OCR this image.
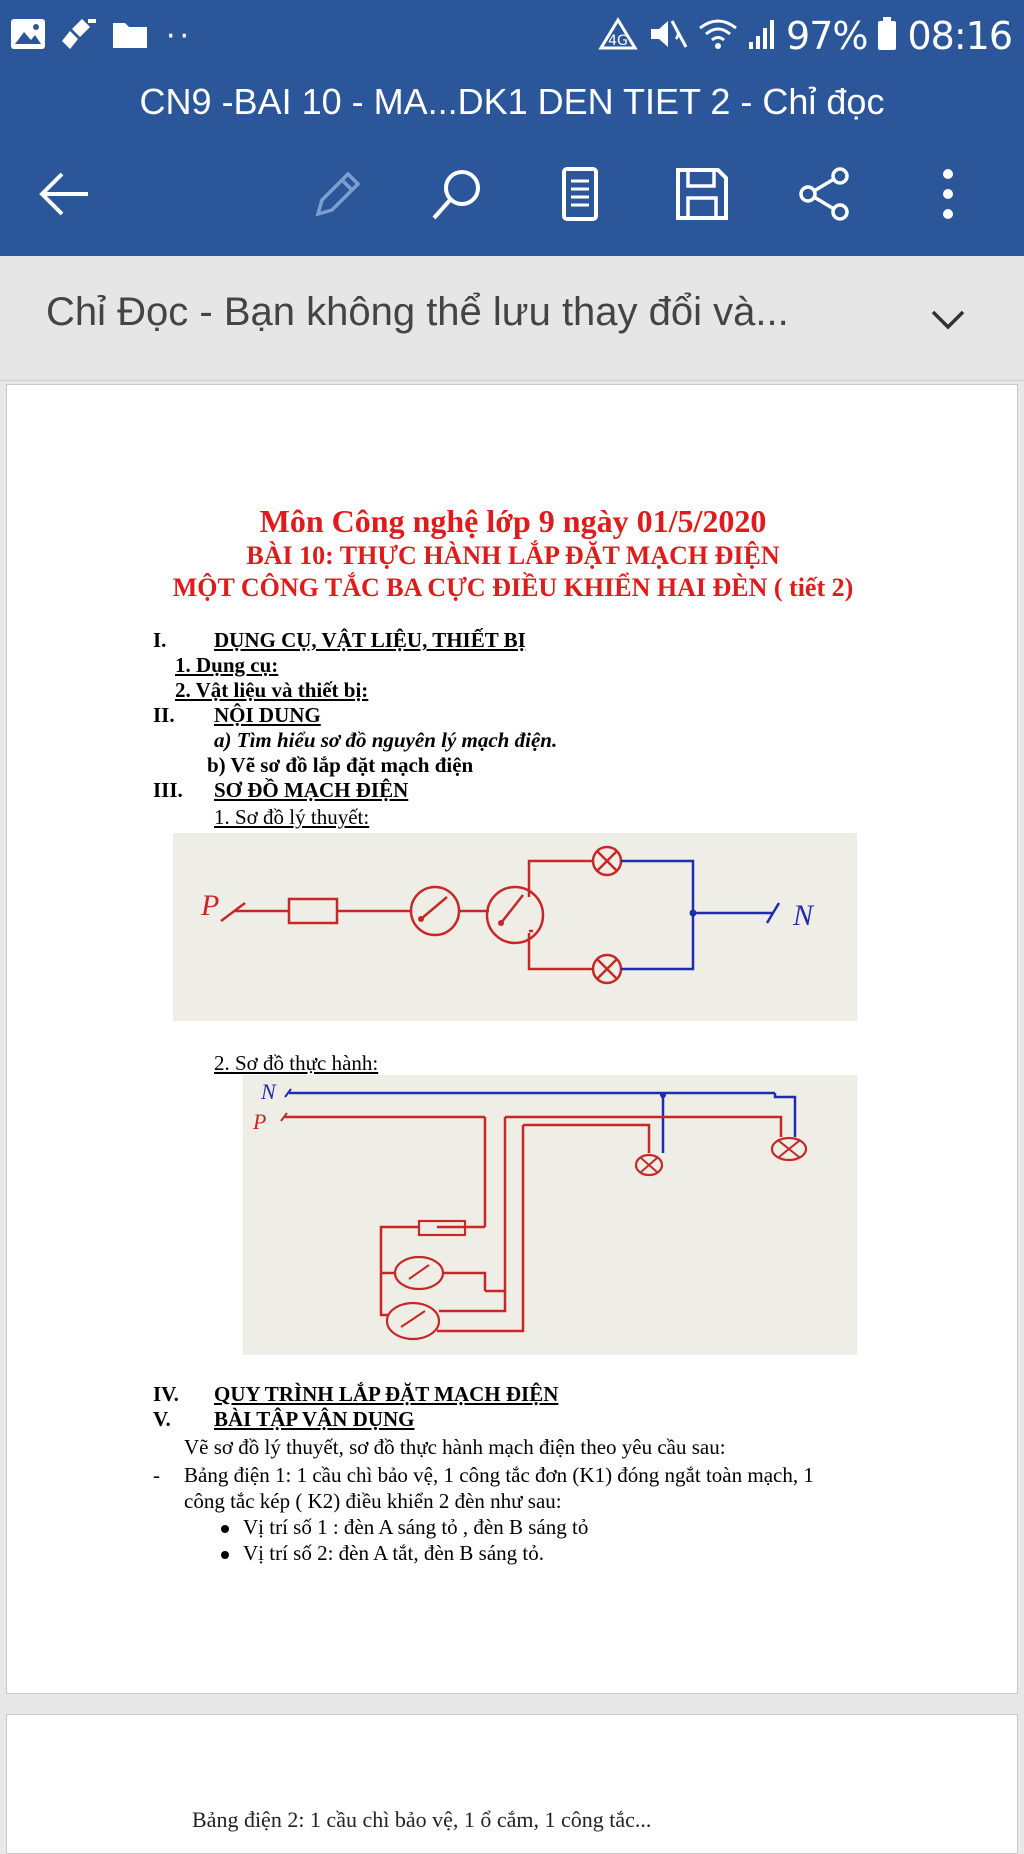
··	4G	97% 08:16
CN9 -BAI 10 - MA...DK1 DEN TIET 2 - Chỉ đọc
Chỉ Đọc - Bạn không thể lưu thay đổi và...
Môn Công nghệ lớp 9 ngày 01/5/2020
BÀI 10: THỰC HÀNH LẮP ĐẶT MẠCH ĐIỆN
MỘT CÔNG TẮC BA CỰC ĐIỀU KHIỂN HAI ĐÈN ( tiết 2)
I. DỤNG CỤ, VẬT LIỆU, THIẾT BỊ
1. Dụng cụ:
2. Vật liệu và thiết bị:
II. NỘI DUNG
a) Tìm hiểu sơ đồ nguyên lý mạch điện.
b) Vẽ sơ đồ lắp đặt mạch điện
III. SƠ ĐỒ MẠCH ĐIỆN
1. Sơ đồ lý thuyết:
P	N
2. Sơ đồ thực hành:
N
P
IV. QUY TRÌNH LẮP ĐẶT MẠCH ĐIỆN
V. BÀI TẬP VẬN DỤNG
Vẽ sơ đồ lý thuyết, sơ đồ thực hành mạch điện theo yêu cầu sau:
- Bảng điện 1: 1 cầu chì bảo vệ, 1 công tắc đơn (K1) đóng ngắt toàn mạch, 1
công tắc kép ( K2) điều khiển 2 đèn như sau:
Vị trí số 1 : đèn A sáng tỏ , đèn B sáng tỏ
Vị trí số 2: đèn A tắt, đèn B sáng tỏ.
Bảng điện 2: 1 cầu chì bảo vệ, 1 ổ cắm, 1 công tắc...
